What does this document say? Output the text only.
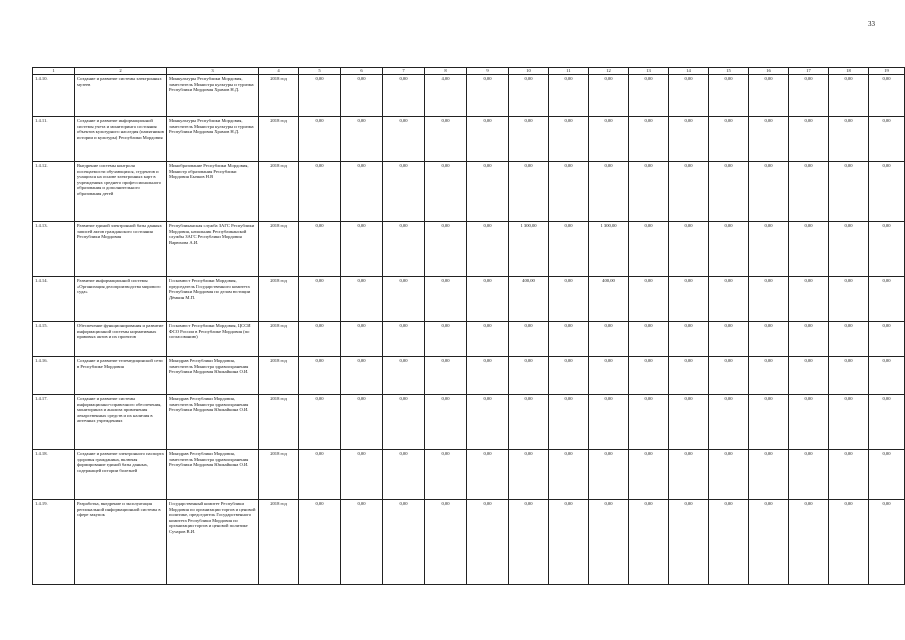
33
1	2	3	4	5	6	7	8	9	10	11	12	13	14	15	16	17	18	19
1.4.10.	Создание и развитие системы электронных музеев	Минкультуры Республики Мордовия, заместитель Министра культуры и туризма Республики Мордовия Храмов Н.Д.	2018 год	0,00	0,00	0,00	4,00	0,00	0,00	0,00	0,00	0,00	0,00	0,00	0,00	0,00	0,00	0,00
1.4.11.	Создание и развитие информационной системы учета и мониторинга состояния объектов культурного наследия (памятников истории и культуры) Республики Мордовия	Минкультуры Республики Мордовия, заместитель Министра культуры и туризма Республики Мордовия Храмов Н.Д.	2018 год	0,00	0,00	0,00	0,00	0,00	0,00	0,00	0,00	0,00	0,00	0,00	0,00	0,00	0,00	0,00
1.4.12.	Внедрение системы контроля посещаемости обучающихся, студентов и учащихся на основе электронных карт в учреждениях среднего профессионального образования и дополнительного образования детей	Минобразование Республики Мордовия, Министр образования Республики Мордовия Бычков Н.В	2018 год	0,00	0,00	0,00	0,00	0,00	0,00	0,00	0,00	0,00	0,00	0,00	0,00	0,00	0,00	0,00
1.4.13.	Развитие единой электронной базы данных записей актов гражданского состояния Республики Мордовия	Республиканская служба ЗАГС Республики Мордовия, начальник Республиканской службы ЗАГС Республики Мордовия Варюхова А.И.	2018 год	0,00	0,00	0,00	0,00	0,00	1 300,00	0,00	1 300,00	0,00	0,00	0,00	0,00	0,00	0,00	0,00
1.4.14.	Развитие информационной системы «Организация делопроизводства мирового суда»	Госкомюст Республики Мордовия, председатель Государственного комитета Республики Мордовия по делам юстиции Дёмкин М.П.	2018 год	0,00	0,00	0,00	0,00	0,00	400,00	0,00	400,00	0,00	0,00	0,00	0,00	0,00	0,00	0,00
1.4.15.	Обеспечение функционирования и развитие информационной системы нормативных правовых актов и их проектов	Госкомюст Республики Мордовия, ЦССИ ФСО России в Республике Мордовия (по согласованию)	2018 год	0,00	0,00	0,00	0,00	0,00	0,00	0,00	0,00	0,00	0,00	0,00	0,00	0,00	0,00	0,00
1.4.16.	Создание и развитие телемедицинской сети в Республике Мордовия	Минздрав Республики Мордовия, заместитель Министра здравоохранения Республики Мордовия Юшкайкина О.И.	2018 год	0,00	0,00	0,00	0,00	0,00	0,00	0,00	0,00	0,00	0,00	0,00	0,00	0,00	0,00	0,00
1.4.17.	Создание и развитие системы информационно-справочного обеспечения, мониторинга и анализа применения лекарственных средств и их наличия в аптечных учреждениях	Минздрав Республики Мордовия, заместитель Министра здравоохранения Республики Мордовия Юшкайкина О.И.	2018 год	0,00	0,00	0,00	0,00	0,00	0,00	0,00	0,00	0,00	0,00	0,00	0,00	0,00	0,00	0,00
1.4.18.	Создание и развитие электронного паспорта здоровья гражданина, включая формирование единой базы данных, содержащей истории болезней	Минздрав Республики Мордовия, заместитель Министра здравоохранения Республики Мордовия Юшкайкина О.И.	2018 год	0,00	0,00	0,00	0,00	0,00	0,00	0,00	0,00	0,00	0,00	0,00	0,00	0,00	0,00	0,00
1.4.19.	Разработка, внедрение и эксплуатация региональной информационной системы в сфере закупок	Государственный комитет Республики Мордовия по организации торгов и ценовой политике, председатель Государственного комитета Республики Мордовия по организации торгов и ценовой политике Сучаров В.И.	2018 год	0,00	0,00	0,00	0,00	0,00	0,00	0,00	0,00	0,00	0,00	0,00	0,00	0,00	0,00	0,00
